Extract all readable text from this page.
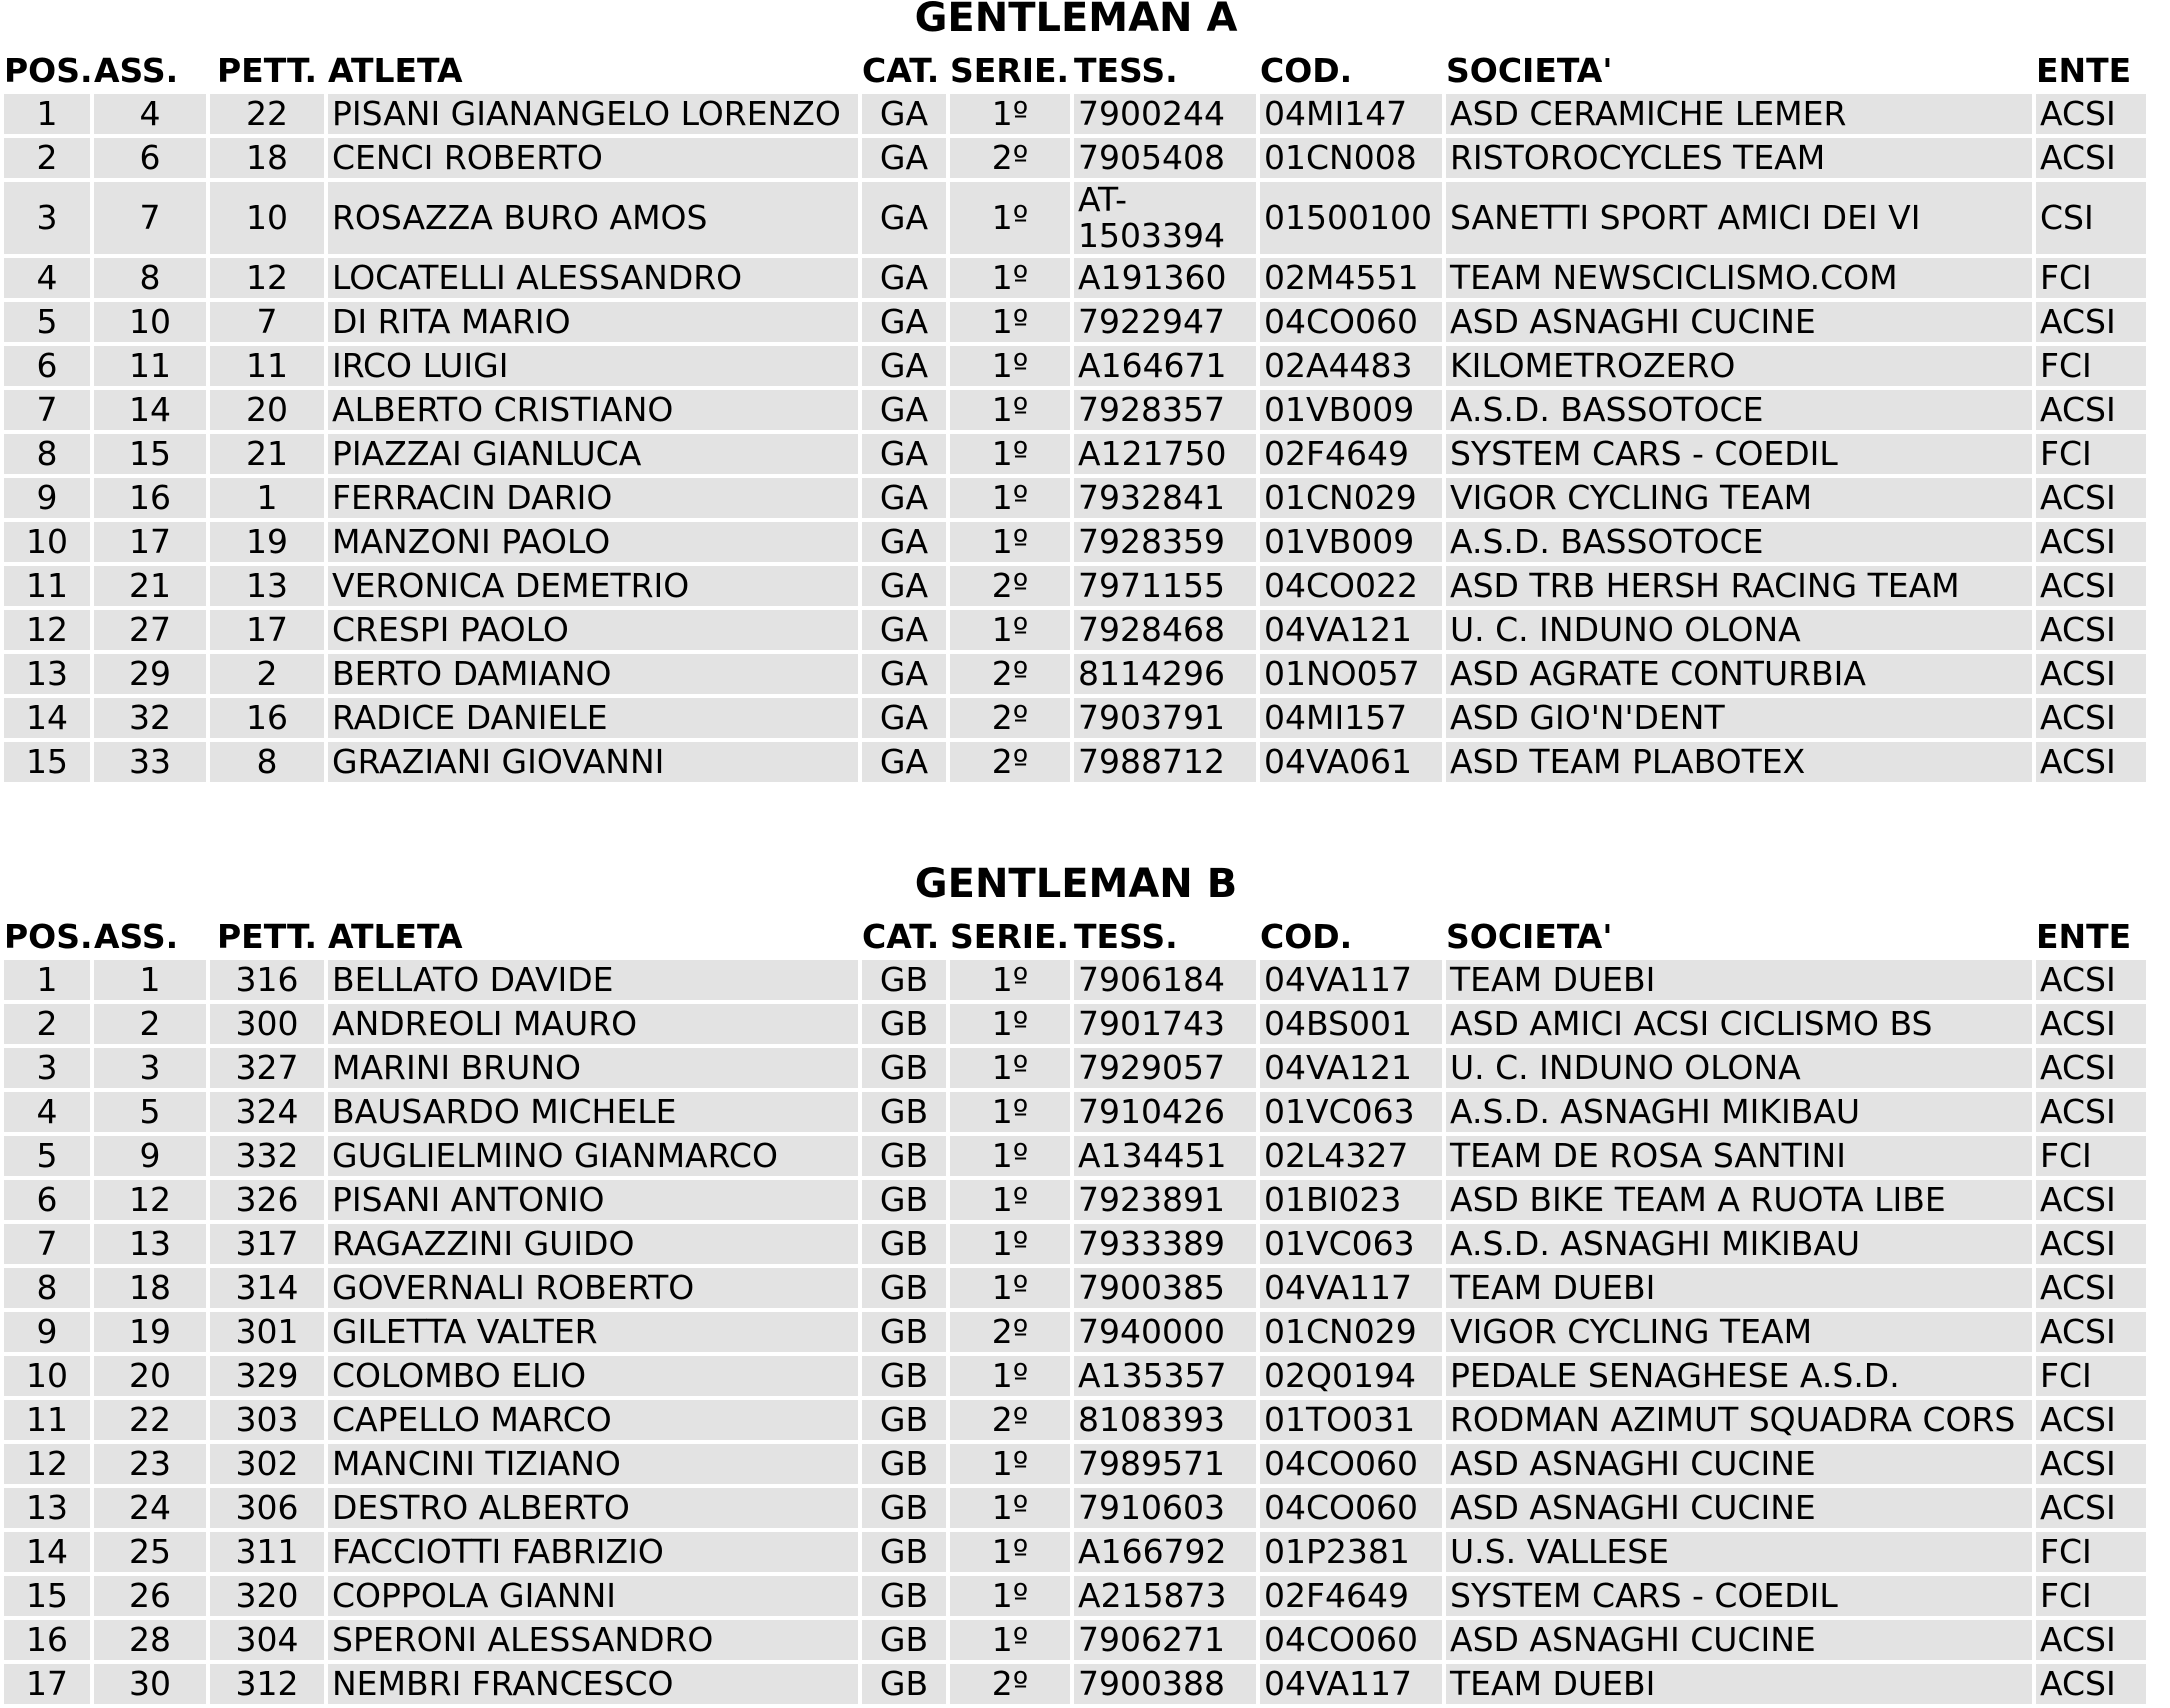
GENTLEMAN A
POS.	ASS.	PETT.	ATLETA	CAT.	SERIE.	TESS.	COD.	SOCIETA'	ENTE
1	4	22	PISANI GIANANGELO LORENZO	GA	1º	7900244	04MI147	ASD CERAMICHE LEMER	ACSI
2	6	18	CENCI ROBERTO	GA	2º	7905408	01CN008	RISTOROCYCLES TEAM	ACSI
3	7	10	ROSAZZA BURO AMOS	GA	1º	AT-1503394	01500100	SANETTI SPORT AMICI DEI VI	CSI
4	8	12	LOCATELLI ALESSANDRO	GA	1º	A191360	02M4551	TEAM NEWSCICLISMO.COM	FCI
5	10	7	DI RITA MARIO	GA	1º	7922947	04CO060	ASD ASNAGHI CUCINE	ACSI
6	11	11	IRCO LUIGI	GA	1º	A164671	02A4483	KILOMETROZERO	FCI
7	14	20	ALBERTO CRISTIANO	GA	1º	7928357	01VB009	A.S.D. BASSOTOCE	ACSI
8	15	21	PIAZZAI GIANLUCA	GA	1º	A121750	02F4649	SYSTEM CARS - COEDIL	FCI
9	16	1	FERRACIN DARIO	GA	1º	7932841	01CN029	VIGOR CYCLING TEAM	ACSI
10	17	19	MANZONI PAOLO	GA	1º	7928359	01VB009	A.S.D. BASSOTOCE	ACSI
11	21	13	VERONICA DEMETRIO	GA	2º	7971155	04CO022	ASD TRB HERSH RACING TEAM	ACSI
12	27	17	CRESPI PAOLO	GA	1º	7928468	04VA121	U. C. INDUNO OLONA	ACSI
13	29	2	BERTO DAMIANO	GA	2º	8114296	01NO057	ASD AGRATE CONTURBIA	ACSI
14	32	16	RADICE DANIELE	GA	2º	7903791	04MI157	ASD GIO'N'DENT	ACSI
15	33	8	GRAZIANI GIOVANNI	GA	2º	7988712	04VA061	ASD TEAM PLABOTEX	ACSI
GENTLEMAN B
POS.	ASS.	PETT.	ATLETA	CAT.	SERIE.	TESS.	COD.	SOCIETA'	ENTE
1	1	316	BELLATO DAVIDE	GB	1º	7906184	04VA117	TEAM DUEBI	ACSI
2	2	300	ANDREOLI MAURO	GB	1º	7901743	04BS001	ASD AMICI ACSI CICLISMO BS	ACSI
3	3	327	MARINI BRUNO	GB	1º	7929057	04VA121	U. C. INDUNO OLONA	ACSI
4	5	324	BAUSARDO MICHELE	GB	1º	7910426	01VC063	A.S.D. ASNAGHI MIKIBAU	ACSI
5	9	332	GUGLIELMINO GIANMARCO	GB	1º	A134451	02L4327	TEAM DE ROSA SANTINI	FCI
6	12	326	PISANI ANTONIO	GB	1º	7923891	01BI023	ASD BIKE TEAM A RUOTA LIBE	ACSI
7	13	317	RAGAZZINI GUIDO	GB	1º	7933389	01VC063	A.S.D. ASNAGHI MIKIBAU	ACSI
8	18	314	GOVERNALI ROBERTO	GB	1º	7900385	04VA117	TEAM DUEBI	ACSI
9	19	301	GILETTA VALTER	GB	2º	7940000	01CN029	VIGOR CYCLING TEAM	ACSI
10	20	329	COLOMBO ELIO	GB	1º	A135357	02Q0194	PEDALE SENAGHESE A.S.D.	FCI
11	22	303	CAPELLO MARCO	GB	2º	8108393	01TO031	RODMAN AZIMUT SQUADRA CORS	ACSI
12	23	302	MANCINI TIZIANO	GB	1º	7989571	04CO060	ASD ASNAGHI CUCINE	ACSI
13	24	306	DESTRO ALBERTO	GB	1º	7910603	04CO060	ASD ASNAGHI CUCINE	ACSI
14	25	311	FACCIOTTI FABRIZIO	GB	1º	A166792	01P2381	U.S. VALLESE	FCI
15	26	320	COPPOLA GIANNI	GB	1º	A215873	02F4649	SYSTEM CARS - COEDIL	FCI
16	28	304	SPERONI ALESSANDRO	GB	1º	7906271	04CO060	ASD ASNAGHI CUCINE	ACSI
17	30	312	NEMBRI FRANCESCO	GB	2º	7900388	04VA117	TEAM DUEBI	ACSI
